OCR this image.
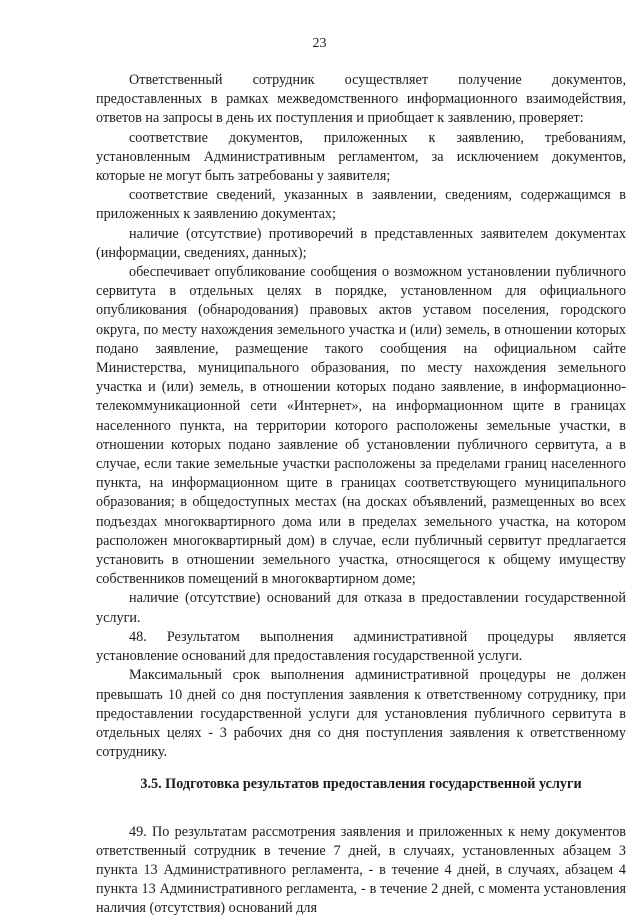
23

Ответственный сотрудник осуществляет получение документов, предоставленных в рамках межведомственного информационного взаимодействия, ответов на запросы в день их поступления и приобщает к заявлению, проверяет:

соответствие документов, приложенных к заявлению, требованиям, установленным Административным регламентом, за исключением документов, которые не могут быть затребованы у заявителя;

соответствие сведений, указанных в заявлении, сведениям, содержащимся в приложенных к заявлению документах;

наличие (отсутствие) противоречий в представленных заявителем документах (информации, сведениях, данных);

обеспечивает опубликование сообщения о возможном установлении публичного сервитута в отдельных целях в порядке, установленном для официального опубликования (обнародования) правовых актов уставом поселения, городского округа, по месту нахождения земельного участка и (или) земель, в отношении которых подано заявление, размещение такого сообщения на официальном сайте Министерства, муниципального образования, по месту нахождения земельного участка и (или) земель, в отношении которых подано заявление, в информационно-телекоммуникационной сети «Интернет», на информационном щите в границах населенного пункта, на территории которого расположены земельные участки, в отношении которых подано заявление об установлении публичного сервитута, а в случае, если такие земельные участки расположены за пределами границ населенного пункта, на информационном щите в границах соответствующего муниципального образования; в общедоступных местах (на досках объявлений, размещенных во всех подъездах многоквартирного дома или в пределах земельного участка, на котором расположен многоквартирный дом) в случае, если публичный сервитут предлагается установить в отношении земельного участка, относящегося к общему имуществу собственников помещений в многоквартирном доме;

наличие (отсутствие) оснований для отказа в предоставлении государственной услуги.

48. Результатом выполнения административной процедуры является установление оснований для предоставления государственной услуги.

Максимальный срок выполнения административной процедуры не должен превышать 10 дней со дня поступления заявления к ответственному сотруднику, при предоставлении государственной услуги для установления публичного сервитута в отдельных целях - 3 рабочих дня со дня поступления заявления к ответственному сотруднику.

3.5. Подготовка результатов предоставления государственной услуги

49. По результатам рассмотрения заявления и приложенных к нему документов ответственный сотрудник в течение 7 дней, в случаях, установленных абзацем 3 пункта 13 Административного регламента, - в течение 4 дней, в случаях, абзацем 4 пункта 13 Административного регламента, - в течение 2 дней, с момента установления наличия (отсутствия) оснований для
